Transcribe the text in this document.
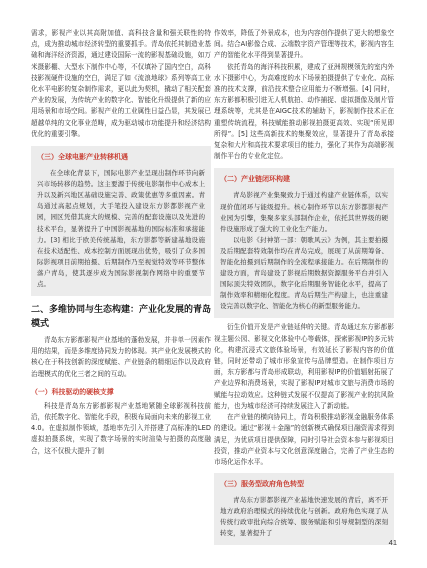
需求，影视产业以其高附加值、高科技含量和强关联性的特点，成为推动城市经济转型的重要抓手。青岛依托其制造业基础和海洋经济资源，通过建设国际一流的影视基础设施，如万米摄影棚、大型水下制作中心等，不仅填补了国内空白，高科技影视硬件设施的空白，满足了如《流浪地球》系列等高工业化水平电影的复杂制作需求，更以此为契机，撬动了相关配套产业的发展，为传统产业的数字化、智能化升级提供了新的应用场景和市场空间。影视产业的工业属性日益凸显，其发展已超越单纯的文化事业范畴，成为驱动城市功能提升和经济结构优化的重要引擎。

（三）全球电影产业转移机遇

在全球化背景下，国际电影产业呈现出制作环节向新兴市场转移的趋势。这主要源于传统电影制作中心成本上升以及新兴地区基础设施完善、政策优惠等多重因素。青岛通过高起点规划，大手笔投入建设东方影都影视产业园，园区凭借其庞大的规模、完善的配套设施以及先进的技术平台，显著提升了中国影视基地的国际标准和承接能力。[3] 相比于欧美传统基地，东方影都等新建基地设施在技术适配性、成本控制方面展现出优势，吸引了众多国际影视项目前期拍摄、后期制作乃至视觉特效等环节整体落户青岛，使其逐步成为国际影视制作网络中的重要节点。

二、多维协同与生态构建：产业化发展的青岛模式

青岛东方影都影视产业基地的蓬勃发展，并非单一因素作用的结果，而是多维度协同发力的体现。其产业化发展模式的核心在于科技创新的深度赋能、产业链条的精细运作以及政府治理模式的优化三者之间的互动。

（一）科技驱动的硬核支撑

科技是青岛东方影都影视产业基地紧随全球影视科技前沿，依托数字化、智能化手段，积极布局面向未来的影视工业4.0。在虚拟制作领域，基地率先引入并搭建了高标准的LED虚拟拍摄系统，实现了数字场景的实时渲染与拍摄的高度融合，这不仅极大提升了制

作效率，降低了外景成本，也为内容创作提供了更大的想象空间。结合AI影像合成、云端数字资产管理等技术，影视内容生产的智能化水平得到显著提升。

依托青岛的海洋科技积累，建成了亚洲规模领先的室内外水下摄影中心，为高难度的水下场景拍摄提供了专业化、高标准的技术支撑，前沿技术整合应用能力不断增强。[4] 同时，东方影都积极引进无人机航拍、动作捕捉、虚拟摄像及制片管理系统等，尤其是在AIGC技术的辅助下，影视制作技术正在重塑传统流程，科技赋能推动影视拍摄更高效、实现“所见即所得”。[5] 这些高新技术的集聚效应，显著提升了青岛承接复杂和大片和高技术要求项目的能力，强化了其作为高端影视制作平台的专业化定位。

（二）产业链闭环构建

青岛影视产业集聚致力于通过构建产业链体系，以实现价值闭环与能级提升。核心制作环节以东方影都影视产业园为引擎，集聚多家头部制作企业，依托其世界级的硬件设施形成了强大的工业化生产能力。

以电影《封神第一部：朝歌风云》为例，其主要拍摄及后期配套特效制作均在青岛完成，展现了从前期筹备、智能化拍摄到后期制作的全流程承接能力。在后期制作的建设方面，青岛建设了影视后期数据资源服务平台并引入国际顶尖特效团队，数字化后期服务智能化水平，提高了制作效率和精细化程度。青岛后期生产构建上，也注重建设完善以数字化、智能化为核心的新型服务能力。

衍生价值开发是产业链延伸的关键。青岛通过东方影都影视主题公园、影视文化体验中心等载体，探索影视IP的多元转化，构建沉浸式文旅体验场景，有效延长了影视内容的价值链，同时还带动了城市形象宣传与品牌塑造。在制作项目方面，东方影都与青岛形成联动，利用影视IP的价值辐射拓展了产业边界和消费场景，实现了影视IP对城市文旅与消费市场的赋能与拉动效应。这种链式发展不仅提高了影视产业的抗风险能力，也为城市经济可持续发展注入了新动能。

在产业链的横向协同上，青岛积极推动影视金融服务体系的建设。通过“影视＋金融”的创新模式确保项目融资需求得到满足，为优质项目提供保障，同时引导社会资本参与影视项目投资，推动产业资本与文化创意深度融合，完善了产业生态的市场化运作水平。

（三）服务型政府角色转型

青岛东方影都影视产业基地快速发展的背后，离不开地方政府治理模式的持续优化与创新。政府角色实现了从传统行政审批向综合统筹、服务赋能和引导规制型的深刻转变，显著提升了

41
